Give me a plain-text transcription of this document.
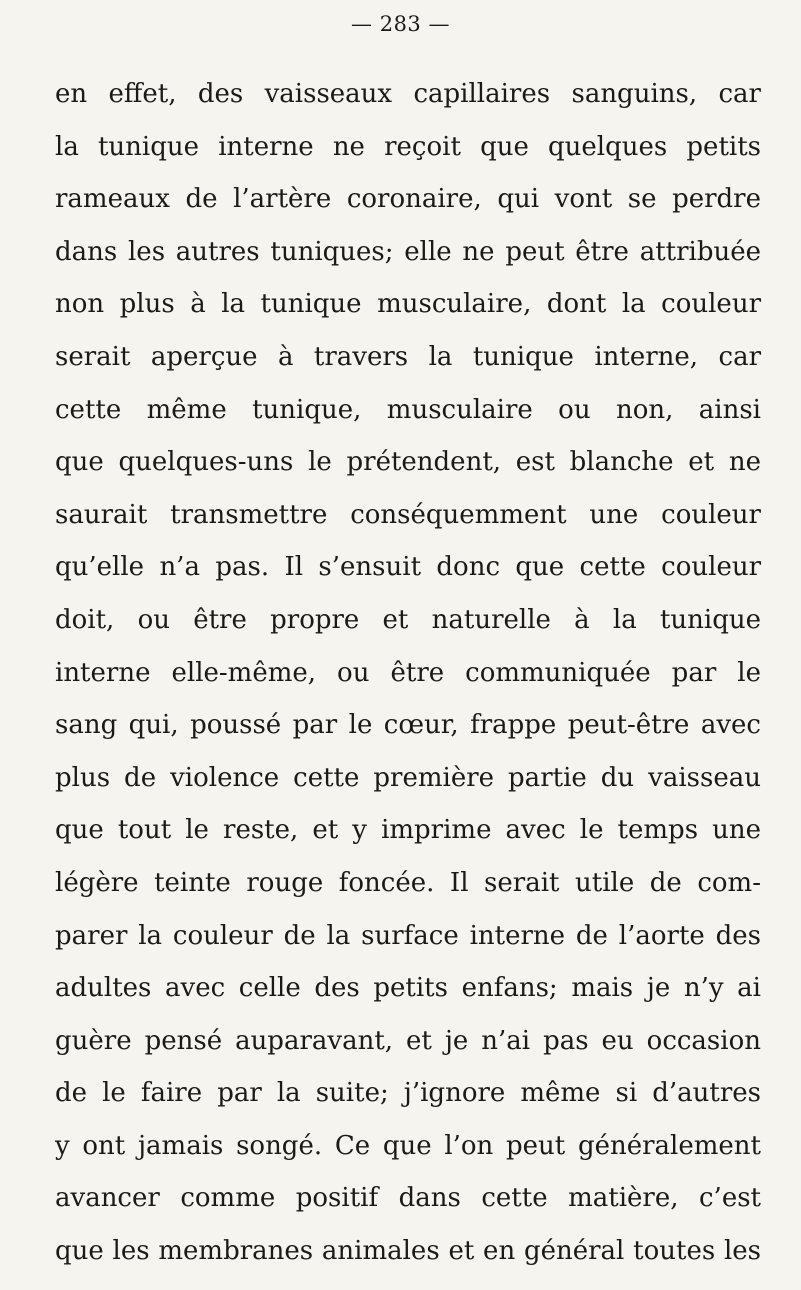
— 283 —
en effet, des vaisseaux capillaires sanguins, car
la tunique interne ne reçoit que quelques petits
rameaux de l’artère coronaire, qui vont se perdre
dans les autres tuniques; elle ne peut être attribuée
non plus à la tunique musculaire, dont la couleur
serait aperçue à travers la tunique interne, car
cette même tunique, musculaire ou non, ainsi
que quelques-uns le prétendent, est blanche et ne
saurait transmettre conséquemment une couleur
qu’elle n’a pas. Il s’ensuit donc que cette couleur
doit, ou être propre et naturelle à la tunique
interne elle-même, ou être communiquée par le
sang qui, poussé par le cœur, frappe peut-être avec
plus de violence cette première partie du vaisseau
que tout le reste, et y imprime avec le temps une
légère teinte rouge foncée. Il serait utile de com-
parer la couleur de la surface interne de l’aorte des
adultes avec celle des petits enfans; mais je n’y ai
guère pensé auparavant, et je n’ai pas eu occasion
de le faire par la suite; j’ignore même si d’autres
y ont jamais songé. Ce que l’on peut généralement
avancer comme positif dans cette matière, c’est
que les membranes animales et en général toutes les
